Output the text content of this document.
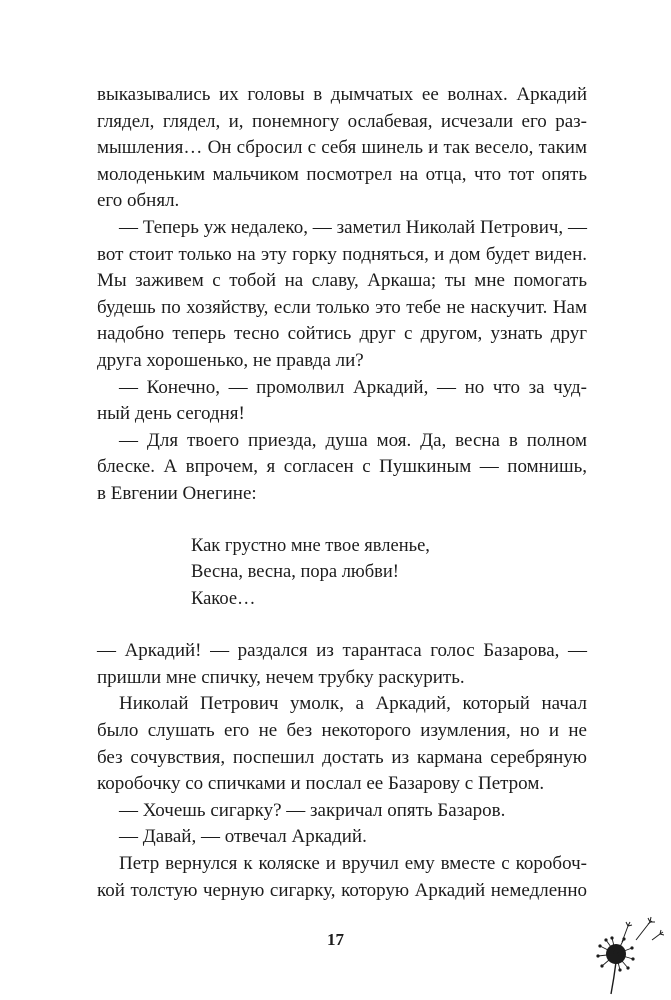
выказывались их головы в дымчатых ее волнах. Аркадий
глядел, глядел, и, понемногу ослабевая, исчезали его раз-
мышления… Он сбросил с себя шинель и так весело, таким
молоденьким мальчиком посмотрел на отца, что тот опять
его обнял.
— Теперь уж недалеко, — заметил Николай Петрович, —
вот стоит только на эту горку подняться, и дом будет виден.
Мы заживем с тобой на славу, Аркаша; ты мне помогать
будешь по хозяйству, если только это тебе не наскучит. Нам
надобно теперь тесно сойтись друг с другом, узнать друг
друга хорошенько, не правда ли?
— Конечно, — промолвил Аркадий, — но что за чуд-
ный день сегодня!
— Для твоего приезда, душа моя. Да, весна в полном
блеске. А впрочем, я согласен с Пушкиным — помнишь,
в Евгении Онегине:
Как грустно мне твое явленье,
Весна, весна, пора любви!
Какое…
— Аркадий! — раздался из тарантаса голос Базарова, —
пришли мне спичку, нечем трубку раскурить.
Николай Петрович умолк, а Аркадий, который начал
было слушать его не без некоторого изумления, но и не
без сочувствия, поспешил достать из кармана серебряную
коробочку со спичками и послал ее Базарову с Петром.
— Хочешь сигарку? — закричал опять Базаров.
— Давай, — отвечал Аркадий.
Петр вернулся к коляске и вручил ему вместе с коробоч-
кой толстую черную сигарку, которую Аркадий немедленно
17
